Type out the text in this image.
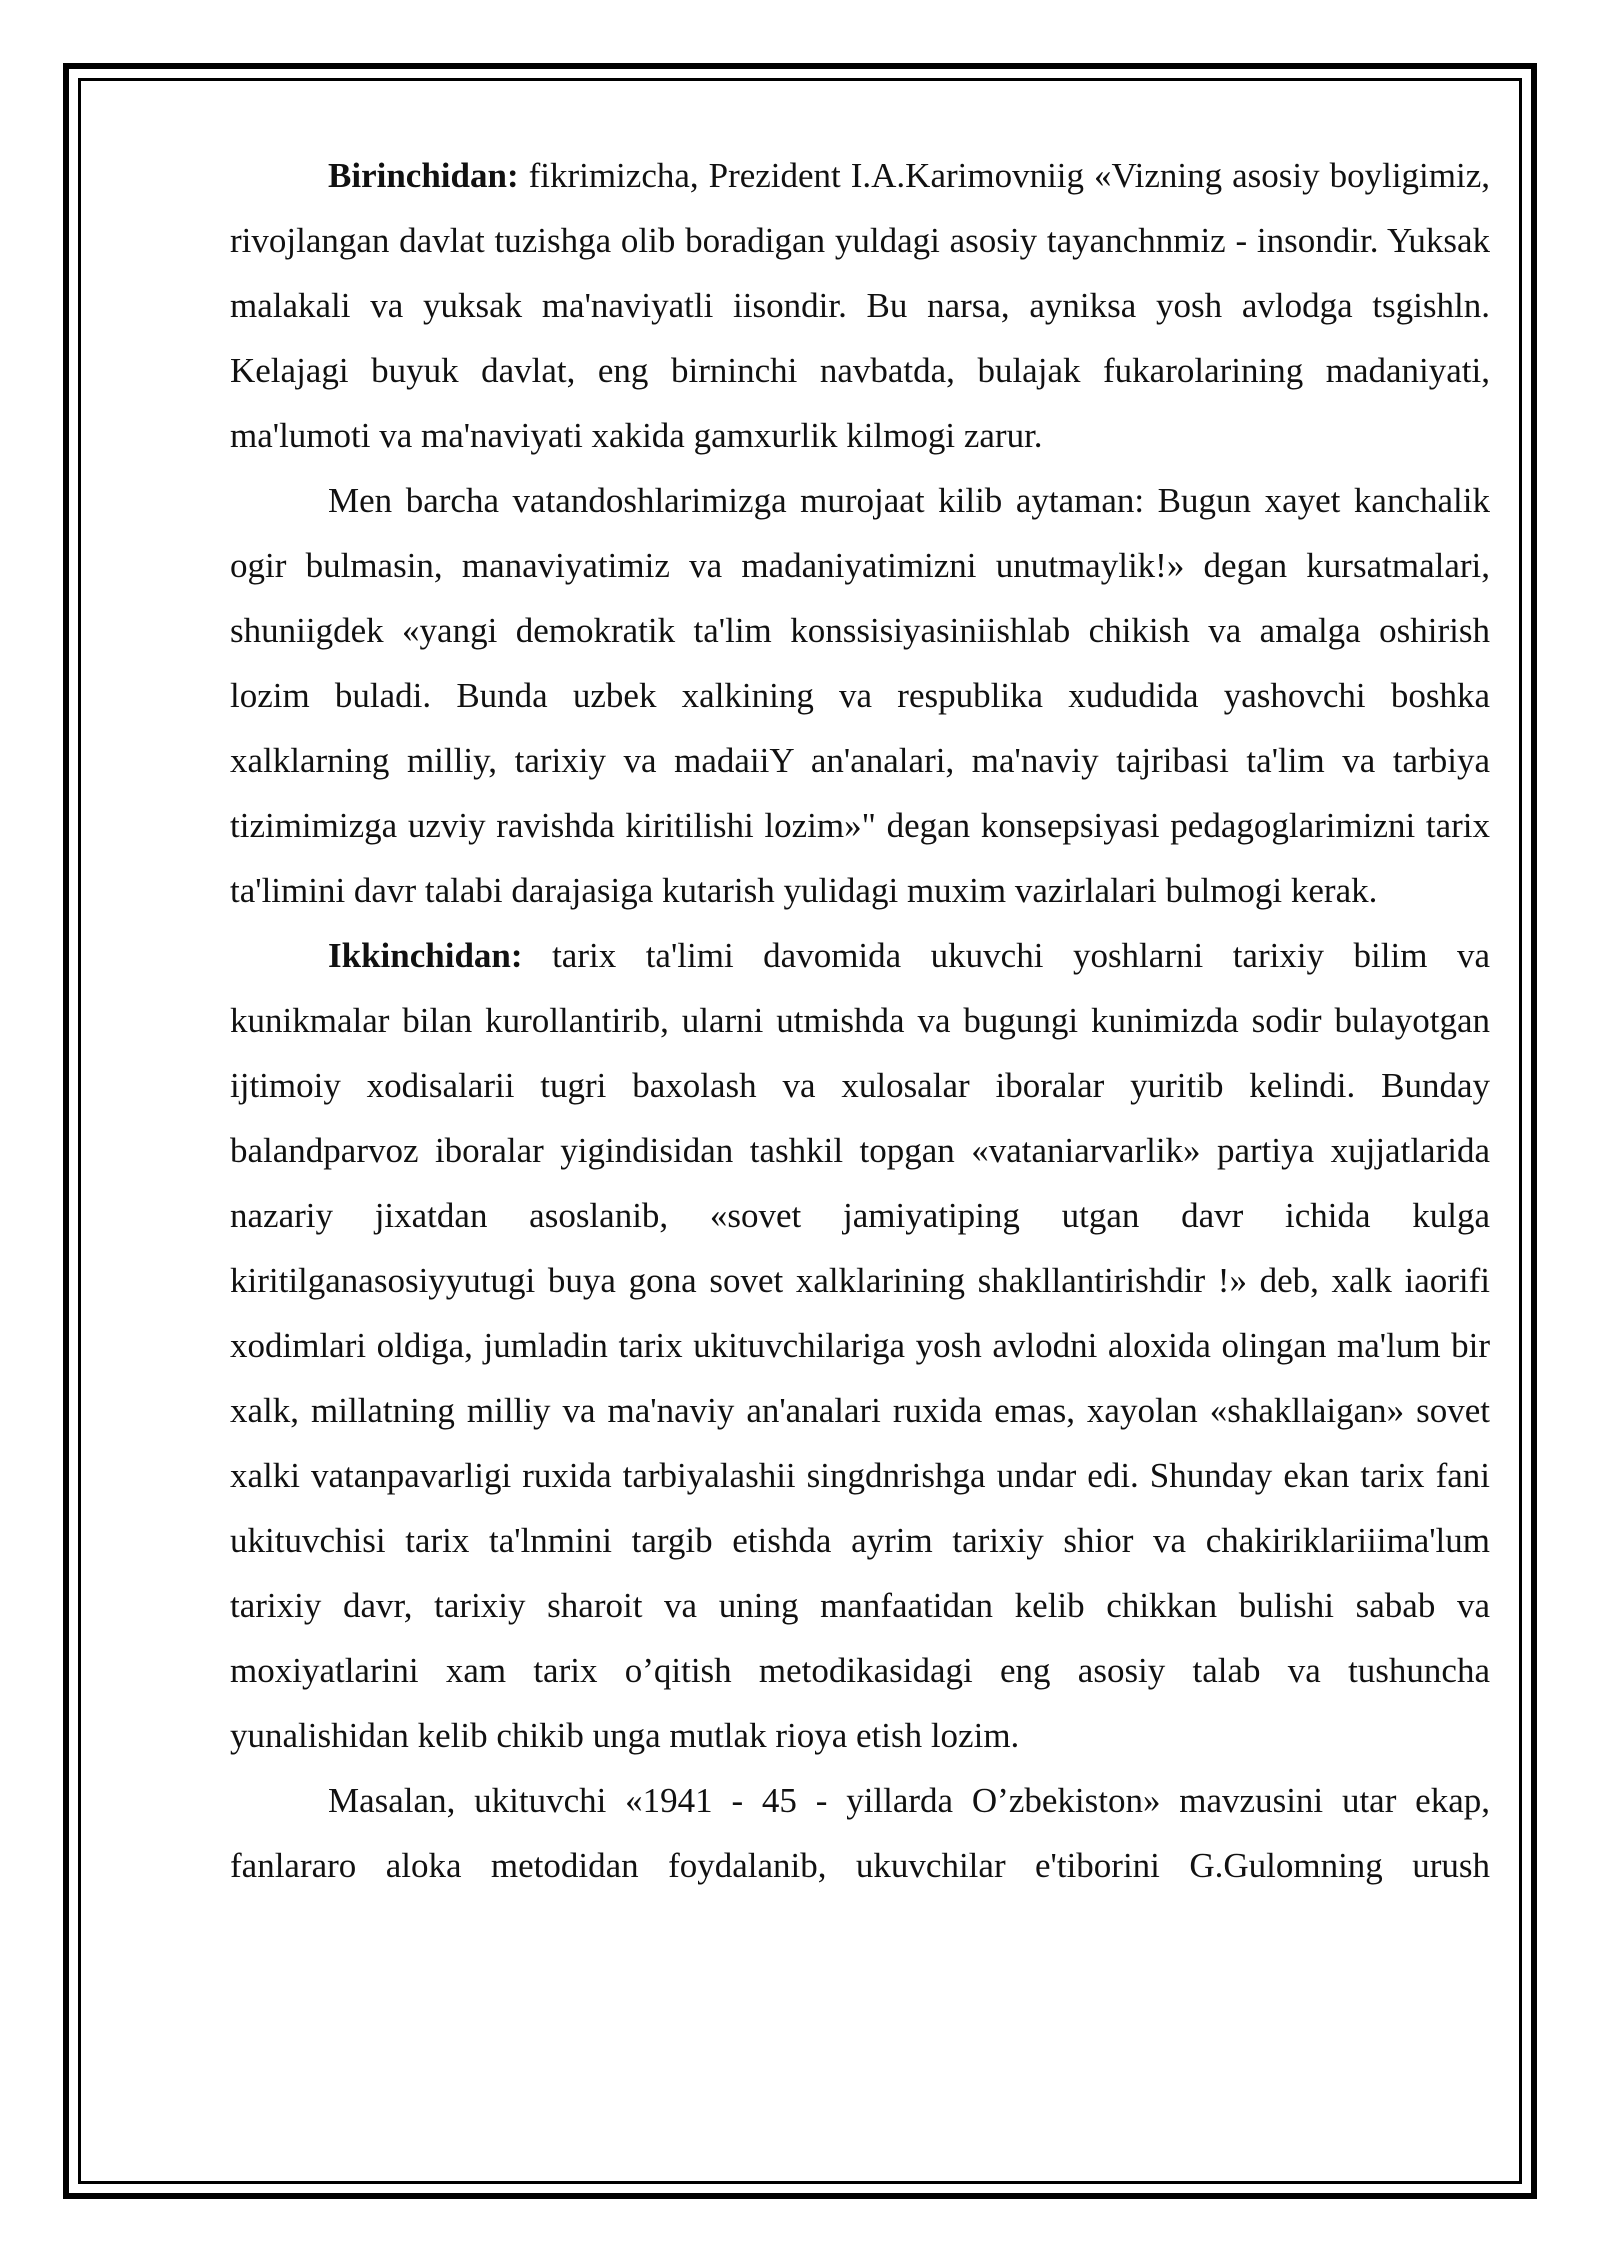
Birinchidan: fikrimizcha, Prezident I.A.Karimovniig «Vizning asosiy boyligimiz, rivojlangan davlat tuzishga olib boradigan yuldagi asosiy tayanchnmiz - insondir. Yuksak malakali va yuksak ma'naviyatli iisondir. Bu narsa, ayniksa yosh avlodga tsgishln. Kelajagi buyuk davlat, eng birninchi navbatda, bulajak fukarolarining madaniyati, ma'lumoti va ma'naviyati xakida gamxurlik kilmogi zarur.

Men barcha vatandoshlarimizga murojaat kilib aytaman: Bugun xayet kanchalik ogir bulmasin, manaviyatimiz va madaniyatimizni unutmaylik!» degan kursatmalari, shuniigdek «yangi demokratik ta'lim konssisiyasiniishlab chikish va amalga oshirish lozim buladi. Bunda uzbek xalkining va respublika xududida yashovchi boshka xalklarning milliy, tarixiy va madaiiY an'analari, ma'naviy tajribasi ta'lim va tarbiya tizimimizga uzviy ravishda kiritilishi lozim»" degan konsepsiyasi pedagoglarimizni tarix ta'limini davr talabi darajasiga kutarish yulidagi muxim vazirlalari bulmogi kerak.

Ikkinchidan: tarix ta'limi davomida ukuvchi yoshlarni tarixiy bilim va kunikmalar bilan kurollantirib, ularni utmishda va bugungi kunimizda sodir bulayotgan ijtimoiy xodisalarii tugri baxolash va xulosalar iboralar yuritib kelindi. Bunday balandparvoz iboralar yigindisidan tashkil topgan «vataniarvarlik» partiya xujjatlarida nazariy jixatdan asoslanib, «sovet jamiyatiping utgan davr ichida kulga kiritilganasosiyyutugi buya gona sovet xalklarining shakllantirishdir !» deb, xalk iaorifi xodimlari oldiga, jumladin tarix ukituvchilariga yosh avlodni aloxida olingan ma'lum bir xalk, millatning milliy va ma'naviy an'analari ruxida emas, xayolan «shakllaigan» sovet xalki vatanpavarligi ruxida tarbiyalashii singdnrishga undar edi. Shunday ekan tarix fani ukituvchisi tarix ta'lnmini targib etishda ayrim tarixiy shior va chakiriklariiima'lum tarixiy davr, tarixiy sharoit va uning manfaatidan kelib chikkan bulishi sabab va moxiyatlarini xam tarix o’qitish metodikasidagi eng asosiy talab va tushuncha yunalishidan kelib chikib unga mutlak rioya etish lozim.

Masalan, ukituvchi «1941 - 45 - yillarda O’zbekiston» mavzusini utar ekap, fanlararo aloka metodidan foydalanib, ukuvchilar e'tiborini G.Gulomning urush
